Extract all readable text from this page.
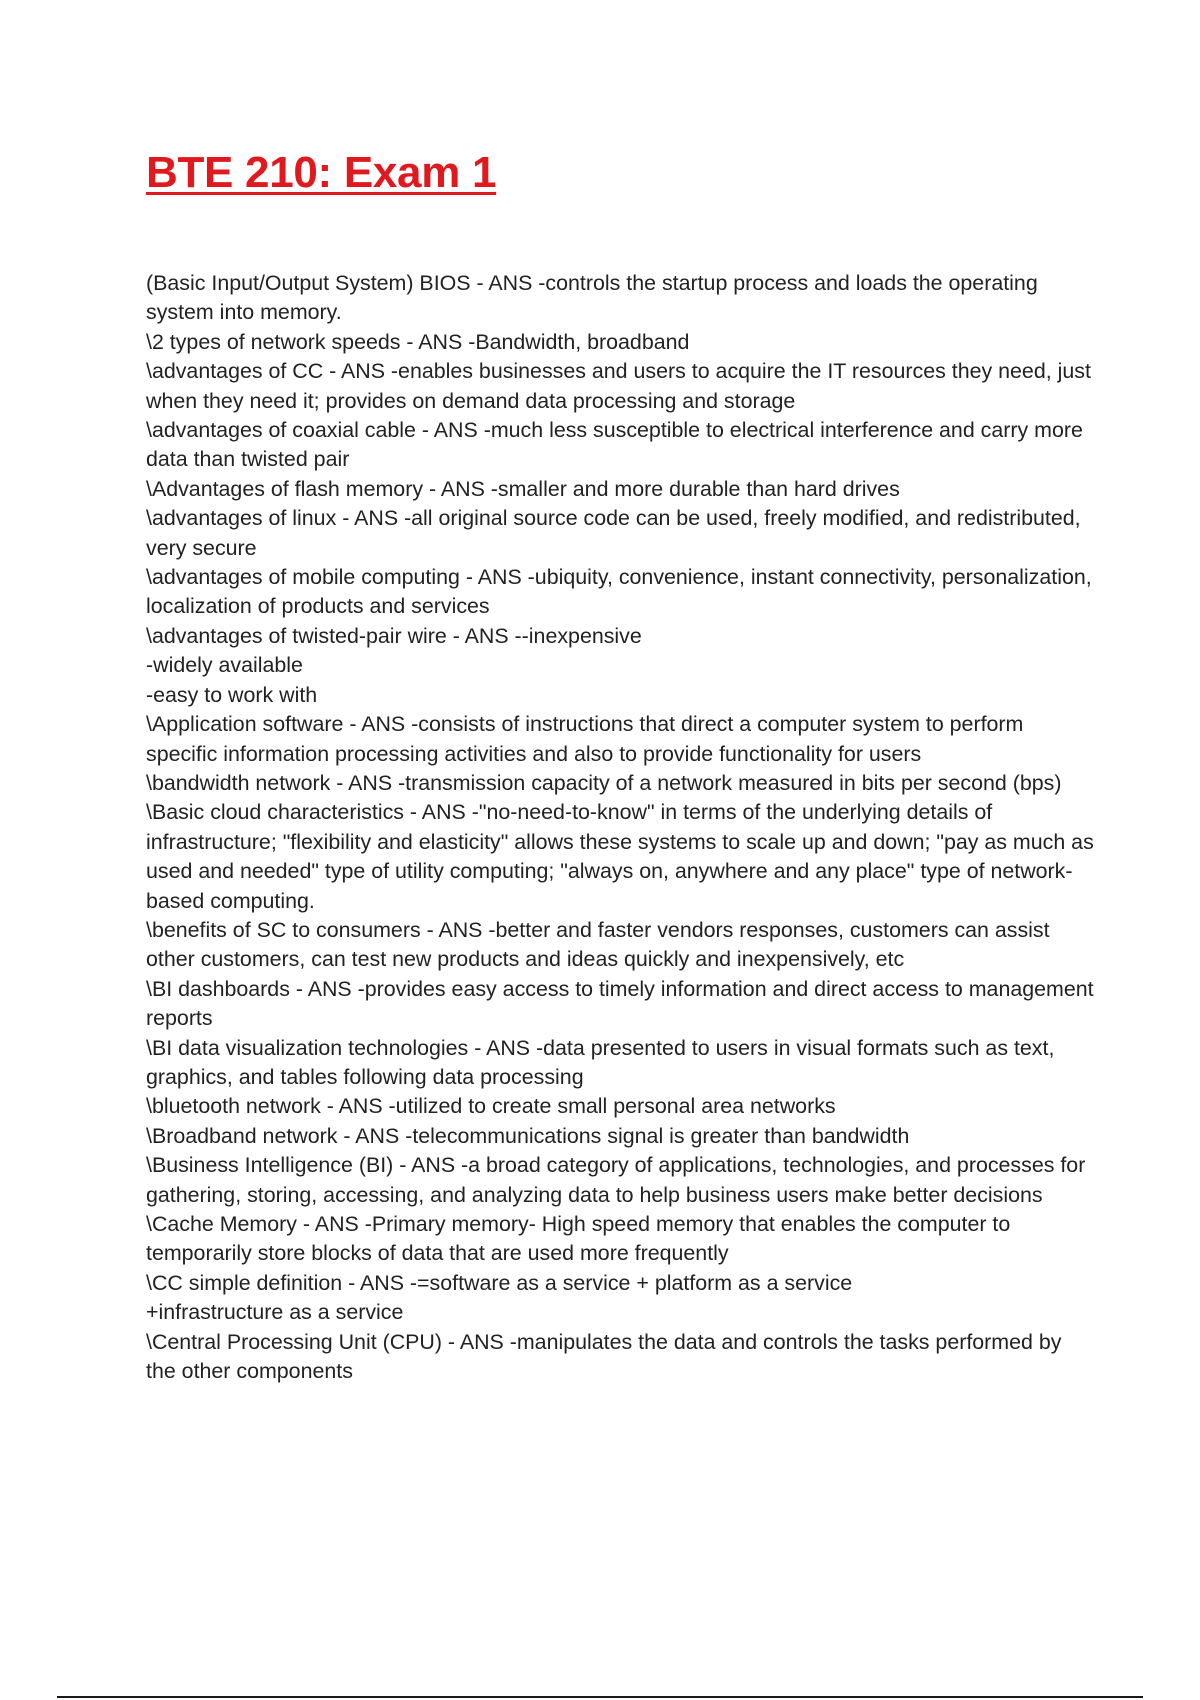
BTE 210: Exam 1

(Basic Input/Output System) BIOS - ANS -controls the startup process and loads the operating system into memory.

\2 types of network speeds - ANS -Bandwidth, broadband

\advantages of CC - ANS -enables businesses and users to acquire the IT resources they need, just when they need it; provides on demand data processing and storage

\advantages of coaxial cable - ANS -much less susceptible to electrical interference and carry more data than twisted pair

\Advantages of flash memory - ANS -smaller and more durable than hard drives

\advantages of linux - ANS -all original source code can be used, freely modified, and redistributed, very secure

\advantages of mobile computing - ANS -ubiquity, convenience, instant connectivity, personalization, localization of products and services

\advantages of twisted-pair wire - ANS --inexpensive
-widely available
-easy to work with

\Application software - ANS -consists of instructions that direct a computer system to perform specific information processing activities and also to provide functionality for users

\bandwidth network - ANS -transmission capacity of a network measured in bits per second (bps)

\Basic cloud characteristics - ANS -"no-need-to-know" in terms of the underlying details of infrastructure; "flexibility and elasticity" allows these systems to scale up and down; "pay as much as used and needed" type of utility computing; "always on, anywhere and any place" type of network-based computing.

\benefits of SC to consumers - ANS -better and faster vendors responses, customers can assist other customers, can test new products and ideas quickly and inexpensively, etc

\BI dashboards - ANS -provides easy access to timely information and direct access to management reports

\BI data visualization technologies - ANS -data presented to users in visual formats such as text, graphics, and tables following data processing

\bluetooth network - ANS -utilized to create small personal area networks

\Broadband network - ANS -telecommunications signal is greater than bandwidth

\Business Intelligence (BI) - ANS -a broad category of applications, technologies, and processes for gathering, storing, accessing, and analyzing data to help business users make better decisions

\Cache Memory - ANS -Primary memory- High speed memory that enables the computer to temporarily store blocks of data that are used more frequently

\CC simple definition - ANS -=software as a service + platform as a service
+infrastructure as a service

\Central Processing Unit (CPU) - ANS -manipulates the data and controls the tasks performed by the other components
